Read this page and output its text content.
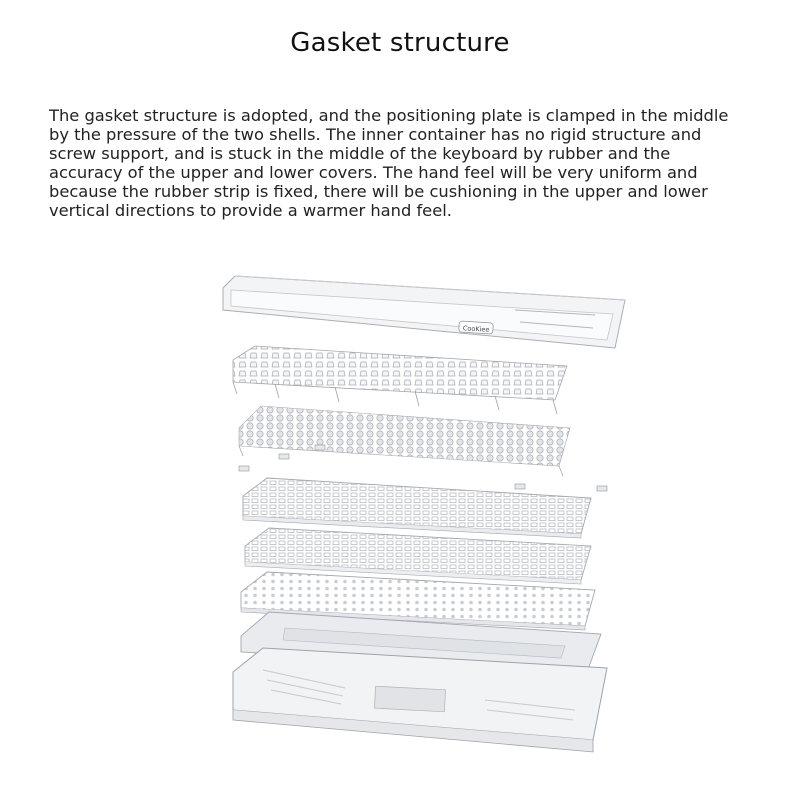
Gasket structure

The gasket structure is adopted, and the positioning plate is clamped in the middle by the pressure of the two shells. The inner container has no rigid structure and screw support, and is stuck in the middle of the keyboard by rubber and the accuracy of the upper and lower covers. The hand feel will be very uniform and because the rubber strip is fixed, there will be cushioning in the upper and lower vertical directions to provide a warmer hand feel.

CooKiee
